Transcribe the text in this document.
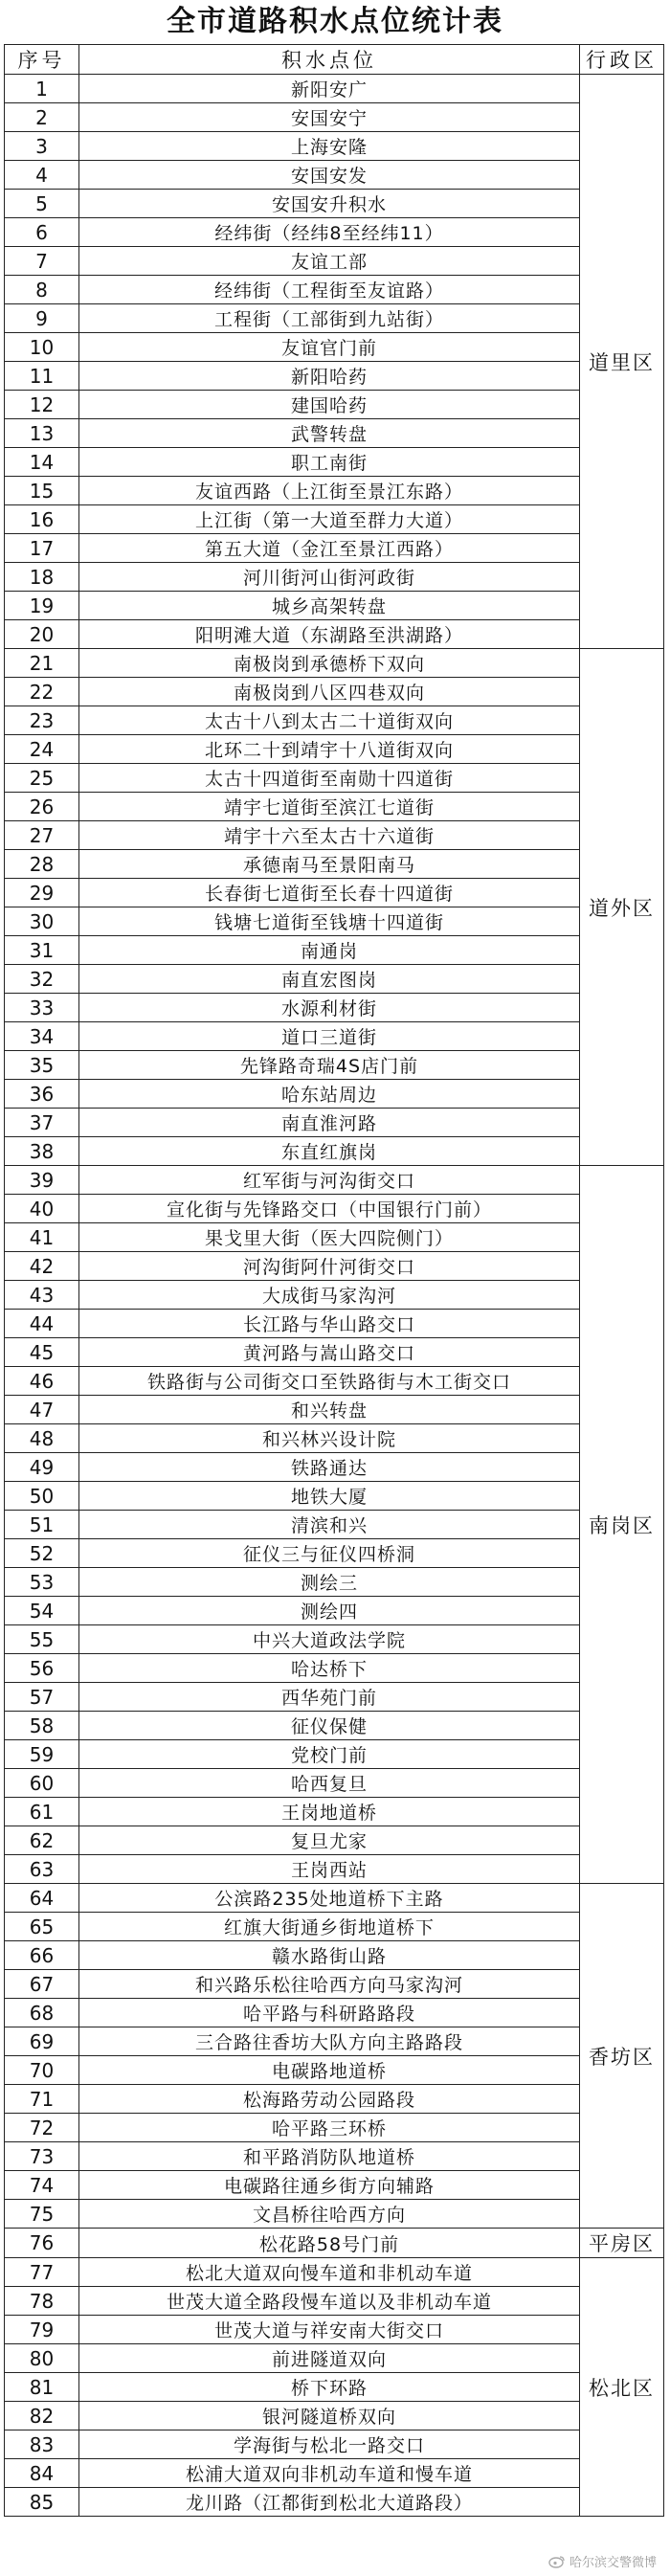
全市道路积水点位统计表
序号	积水点位	行政区
1	新阳安广	道里区
2	安国安宁	
3	上海安隆	
4	安国安发	
5	安国安升积水	
6	经纬街（经纬8至经纬11）	
7	友谊工部	
8	经纬街（工程街至友谊路）	
9	工程街（工部街到九站街）	
10	友谊官门前	
11	新阳哈药	
12	建国哈药	
13	武警转盘	
14	职工南街	
15	友谊西路（上江街至景江东路）	
16	上江街（第一大道至群力大道）	
17	第五大道（金江至景江西路）	
18	河川街河山街河政街	
19	城乡高架转盘	
20	阳明滩大道（东湖路至洪湖路）	
21	南极岗到承德桥下双向	道外区
22	南极岗到八区四巷双向	
23	太古十八到太古二十道街双向	
24	北环二十到靖宇十八道街双向	
25	太古十四道街至南勋十四道街	
26	靖宇七道街至滨江七道街	
27	靖宇十六至太古十六道街	
28	承德南马至景阳南马	
29	长春街七道街至长春十四道街	
30	钱塘七道街至钱塘十四道街	
31	南通岗	
32	南直宏图岗	
33	水源利材街	
34	道口三道街	
35	先锋路奇瑞4S店门前	
36	哈东站周边	
37	南直淮河路	
38	东直红旗岗	
39	红军街与河沟街交口	南岗区
40	宣化街与先锋路交口（中国银行门前）	
41	果戈里大街（医大四院侧门）	
42	河沟街阿什河街交口	
43	大成街马家沟河	
44	长江路与华山路交口	
45	黄河路与嵩山路交口	
46	铁路街与公司街交口至铁路街与木工街交口	
47	和兴转盘	
48	和兴林兴设计院	
49	铁路通达	
50	地铁大厦	
51	清滨和兴	
52	征仪三与征仪四桥洞	
53	测绘三	
54	测绘四	
55	中兴大道政法学院	
56	哈达桥下	
57	西华苑门前	
58	征仪保健	
59	党校门前	
60	哈西复旦	
61	王岗地道桥	
62	复旦尤家	
63	王岗西站	
64	公滨路235处地道桥下主路	香坊区
65	红旗大街通乡街地道桥下	
66	赣水路街山路	
67	和兴路乐松往哈西方向马家沟河	
68	哈平路与科研路路段	
69	三合路往香坊大队方向主路路段	
70	电碳路地道桥	
71	松海路劳动公园路段	
72	哈平路三环桥	
73	和平路消防队地道桥	
74	电碳路往通乡街方向辅路	
75	文昌桥往哈西方向	
76	松花路58号门前	平房区
77	松北大道双向慢车道和非机动车道	松北区
78	世茂大道全路段慢车道以及非机动车道	
79	世茂大道与祥安南大街交口	
80	前进隧道双向	
81	桥下环路	
82	银河隧道桥双向	
83	学海街与松北一路交口	
84	松浦大道双向非机动车道和慢车道	
85	龙川路（江都街到松北大道路段）	
哈尔滨交警微博
